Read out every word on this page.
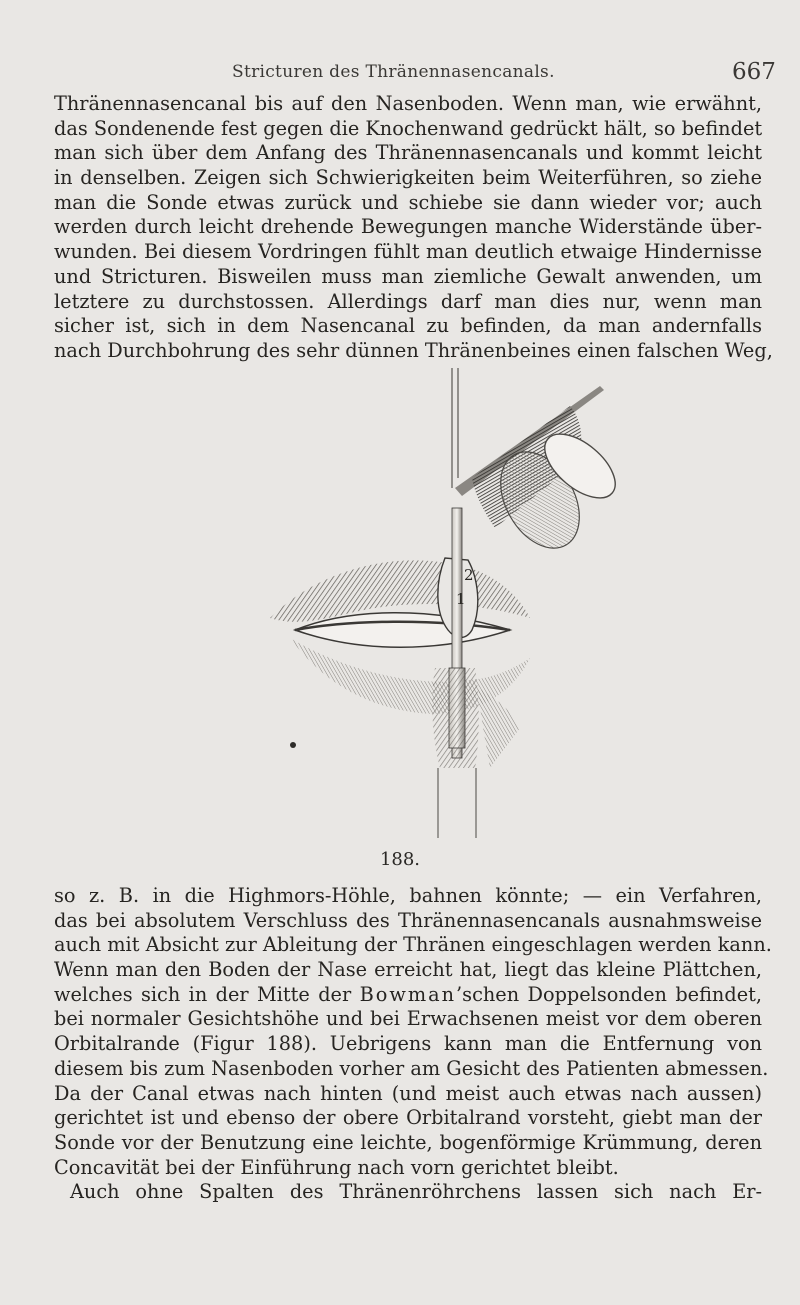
Stricturen des Thränennasencanals.	667
Thränennasencanal bis auf den Nasenboden. Wenn man, wie erwähnt,
das Sondenende fest gegen die Knochenwand gedrückt hält, so befindet
man sich über dem Anfang des Thränennasencanals und kommt leicht
in denselben. Zeigen sich Schwierigkeiten beim Weiterführen, so ziehe
man die Sonde etwas zurück und schiebe sie dann wieder vor; auch
werden durch leicht drehende Bewegungen manche Widerstände über-
wunden. Bei diesem Vordringen fühlt man deutlich etwaige Hindernisse
und Stricturen. Bisweilen muss man ziemliche Gewalt anwenden, um
letztere zu durchstossen. Allerdings darf man dies nur, wenn man
sicher ist, sich in dem Nasencanal zu befinden, da man andernfalls
nach Durchbohrung des sehr dünnen Thränenbeines einen falschen Weg,
2
1
188.
so z. B. in die Highmors-Höhle, bahnen könnte; — ein Verfahren,
das bei absolutem Verschluss des Thränennasencanals ausnahmsweise
auch mit Absicht zur Ableitung der Thränen eingeschlagen werden kann.
Wenn man den Boden der Nase erreicht hat, liegt das kleine Plättchen,
welches sich in der Mitte der Bowman’schen Doppelsonden befindet,
bei normaler Gesichtshöhe und bei Erwachsenen meist vor dem oberen
Orbitalrande (Figur 188). Uebrigens kann man die Entfernung von
diesem bis zum Nasenboden vorher am Gesicht des Patienten abmessen.
Da der Canal etwas nach hinten (und meist auch etwas nach aussen)
gerichtet ist und ebenso der obere Orbitalrand vorsteht, giebt man der
Sonde vor der Benutzung eine leichte, bogenförmige Krümmung, deren
Concavität bei der Einführung nach vorn gerichtet bleibt.
Auch ohne Spalten des Thränenröhrchens lassen sich nach Er-
